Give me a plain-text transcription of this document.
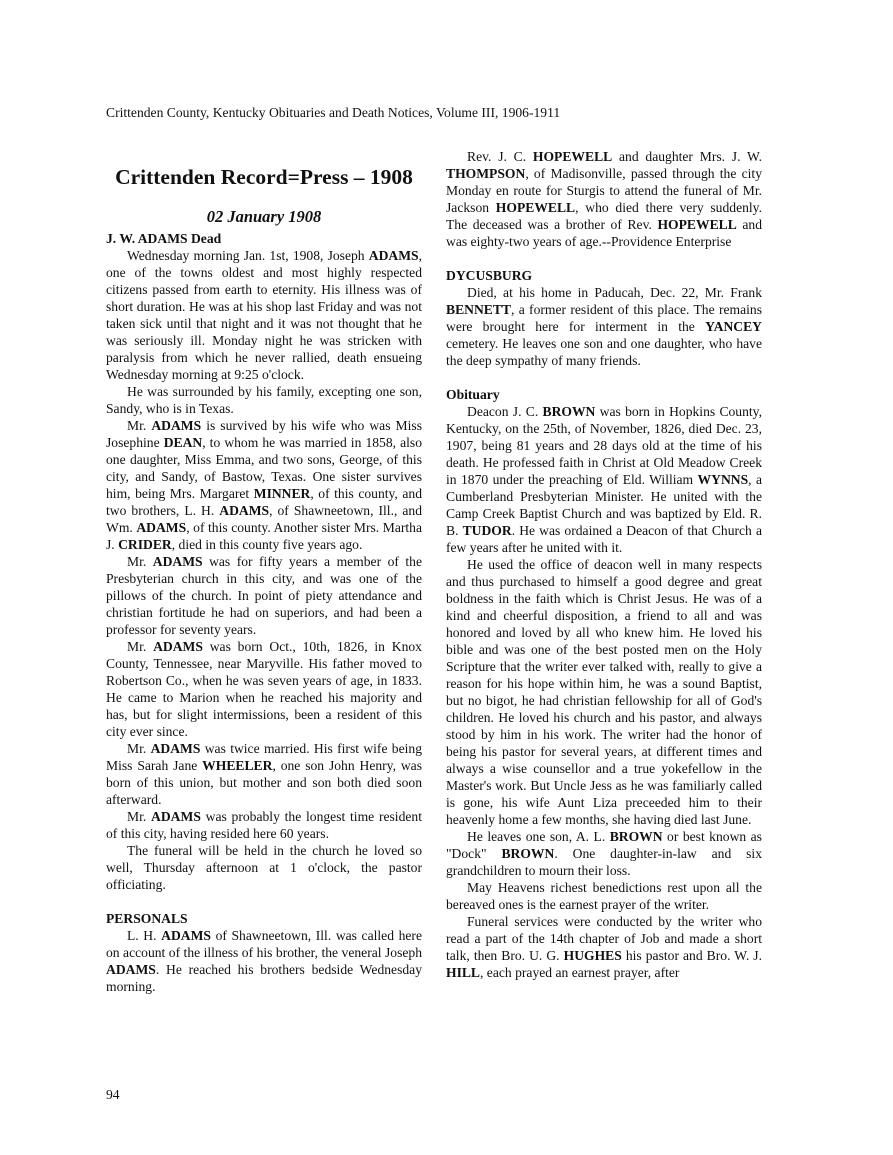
Crittenden County, Kentucky Obituaries and Death Notices, Volume III, 1906-1911
Crittenden Record=Press – 1908
02 January 1908
J. W. ADAMS Dead

Wednesday morning Jan. 1st, 1908, Joseph ADAMS, one of the towns oldest and most highly respected citizens passed from earth to eternity. His illness was of short duration. He was at his shop last Friday and was not taken sick until that night and it was not thought that he was seriously ill. Monday night he was stricken with paralysis from which he never rallied, death ensueing Wednesday morning at 9:25 o'clock.

He was surrounded by his family, excepting one son, Sandy, who is in Texas.

Mr. ADAMS is survived by his wife who was Miss Josephine DEAN, to whom he was married in 1858, also one daughter, Miss Emma, and two sons, George, of this city, and Sandy, of Bastow, Texas. One sister survives him, being Mrs. Margaret MINNER, of this county, and two brothers, L. H. ADAMS, of Shawneetown, Ill., and Wm. ADAMS, of this county. Another sister Mrs. Martha J. CRIDER, died in this county five years ago.

Mr. ADAMS was for fifty years a member of the Presbyterian church in this city, and was one of the pillows of the church. In point of piety attendance and christian fortitude he had on superiors, and had been a professor for seventy years.

Mr. ADAMS was born Oct., 10th, 1826, in Knox County, Tennessee, near Maryville. His father moved to Robertson Co., when he was seven years of age, in 1833. He came to Marion when he reached his majority and has, but for slight intermissions, been a resident of this city ever since.

Mr. ADAMS was twice married. His first wife being Miss Sarah Jane WHEELER, one son John Henry, was born of this union, but mother and son both died soon afterward.

Mr. ADAMS was probably the longest time resident of this city, having resided here 60 years.

The funeral will be held in the church he loved so well, Thursday afternoon at 1 o'clock, the pastor officiating.

PERSONALS

L. H. ADAMS of Shawneetown, Ill. was called here on account of the illness of his brother, the veneral Joseph ADAMS. He reached his brothers bedside Wednesday morning.

Rev. J. C. HOPEWELL and daughter Mrs. J. W. THOMPSON, of Madisonville, passed through the city Monday en route for Sturgis to attend the funeral of Mr. Jackson HOPEWELL, who died there very suddenly. The deceased was a brother of Rev. HOPEWELL and was eighty-two years of age.--Providence Enterprise

DYCUSBURG

Died, at his home in Paducah, Dec. 22, Mr. Frank BENNETT, a former resident of this place. The remains were brought here for interment in the YANCEY cemetery. He leaves one son and one daughter, who have the deep sympathy of many friends.

Obituary

Deacon J. C. BROWN was born in Hopkins County, Kentucky, on the 25th, of November, 1826, died Dec. 23, 1907, being 81 years and 28 days old at the time of his death. He professed faith in Christ at Old Meadow Creek in 1870 under the preaching of Eld. William WYNNS, a Cumberland Presbyterian Minister. He united with the Camp Creek Baptist Church and was baptized by Eld. R. B. TUDOR. He was ordained a Deacon of that Church a few years after he united with it.

He used the office of deacon well in many respects and thus purchased to himself a good degree and great boldness in the faith which is Christ Jesus. He was of a kind and cheerful disposition, a friend to all and was honored and loved by all who knew him. He loved his bible and was one of the best posted men on the Holy Scripture that the writer ever talked with, really to give a reason for his hope within him, he was a sound Baptist, but no bigot, he had christian fellowship for all of God's children. He loved his church and his pastor, and always stood by him in his work. The writer had the honor of being his pastor for several years, at different times and always a wise counsellor and a true yokefellow in the Master's work. But Uncle Jess as he was familiarly called is gone, his wife Aunt Liza preceeded him to their heavenly home a few months, she having died last June.

He leaves one son, A. L. BROWN or best known as "Dock" BROWN. One daughter-in-law and six grandchildren to mourn their loss.

May Heavens richest benedictions rest upon all the bereaved ones is the earnest prayer of the writer.

Funeral services were conducted by the writer who read a part of the 14th chapter of Job and made a short talk, then Bro. U. G. HUGHES his pastor and Bro. W. J. HILL, each prayed an earnest prayer, after

94
